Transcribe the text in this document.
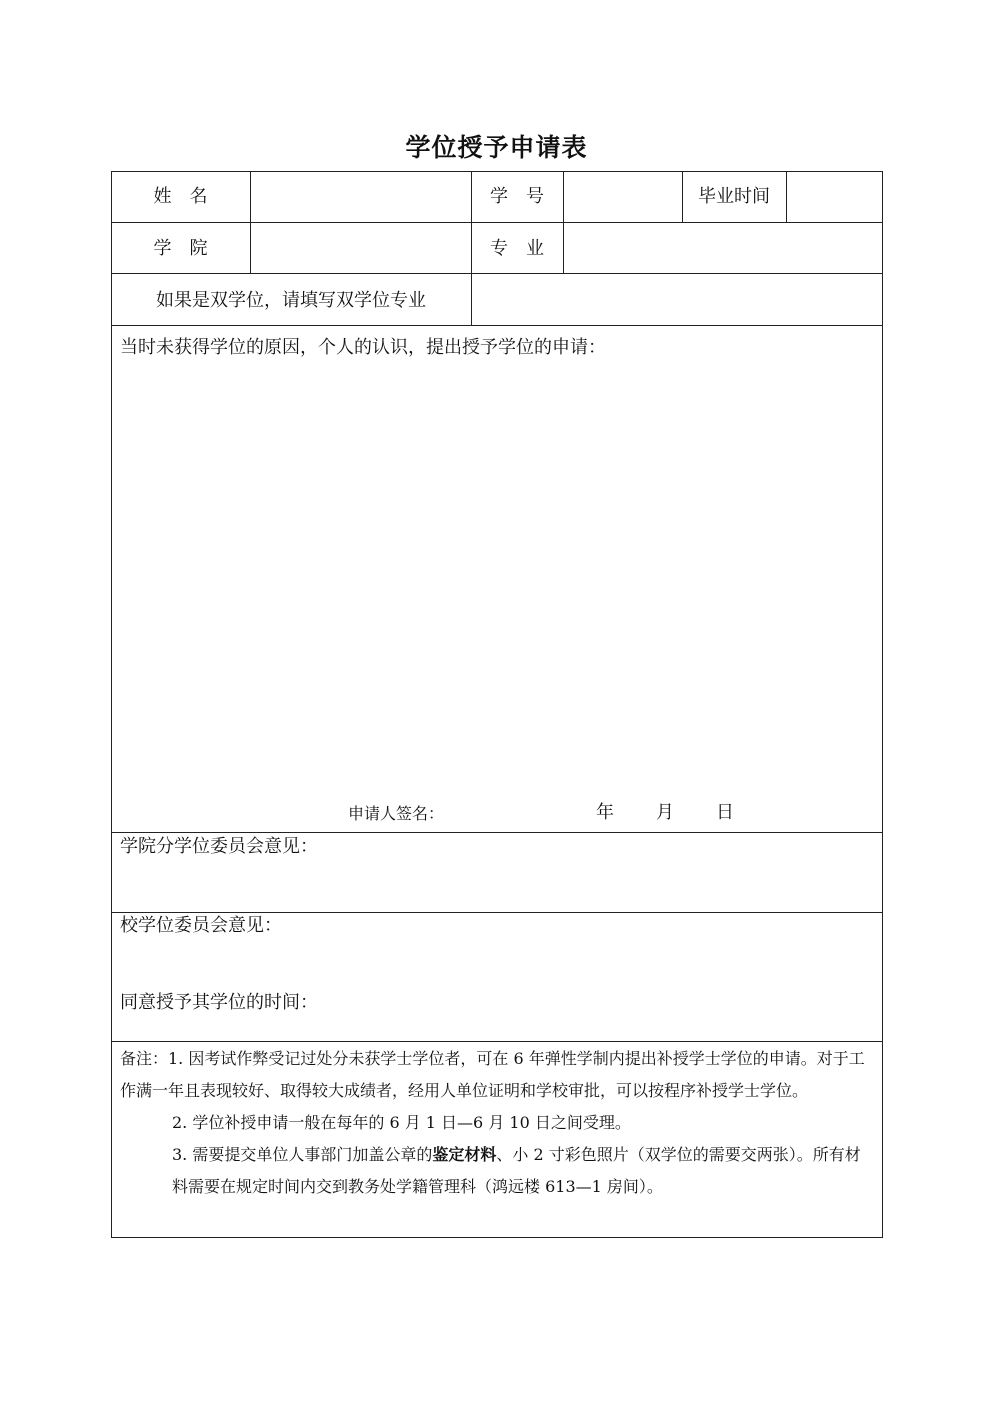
学位授予申请表
姓　名	学　号	毕业时间
学　院	专　业
如果是双学位，请填写双学位专业
当时未获得学位的原因，个人的认识，提出授予学位的申请：
申请人签名：	年 月 日
学院分学位委员会意见：
校学位委员会意见：
同意授予其学位的时间：

备注：1. 因考试作弊受记过处分未获学士学位者，可在 6 年弹性学制内提出补授学士学位的申请。对于工作满一年且表现较好、取得较大成绩者，经用人单位证明和学校审批，可以按程序补授学士学位。

2. 学位补授申请一般在每年的 6 月 1 日—6 月 10 日之间受理。

3. 需要提交单位人事部门加盖公章的鉴定材料、小 2 寸彩色照片（双学位的需要交两张）。所有材料需要在规定时间内交到教务处学籍管理科（鸿远楼 613—1 房间）。
